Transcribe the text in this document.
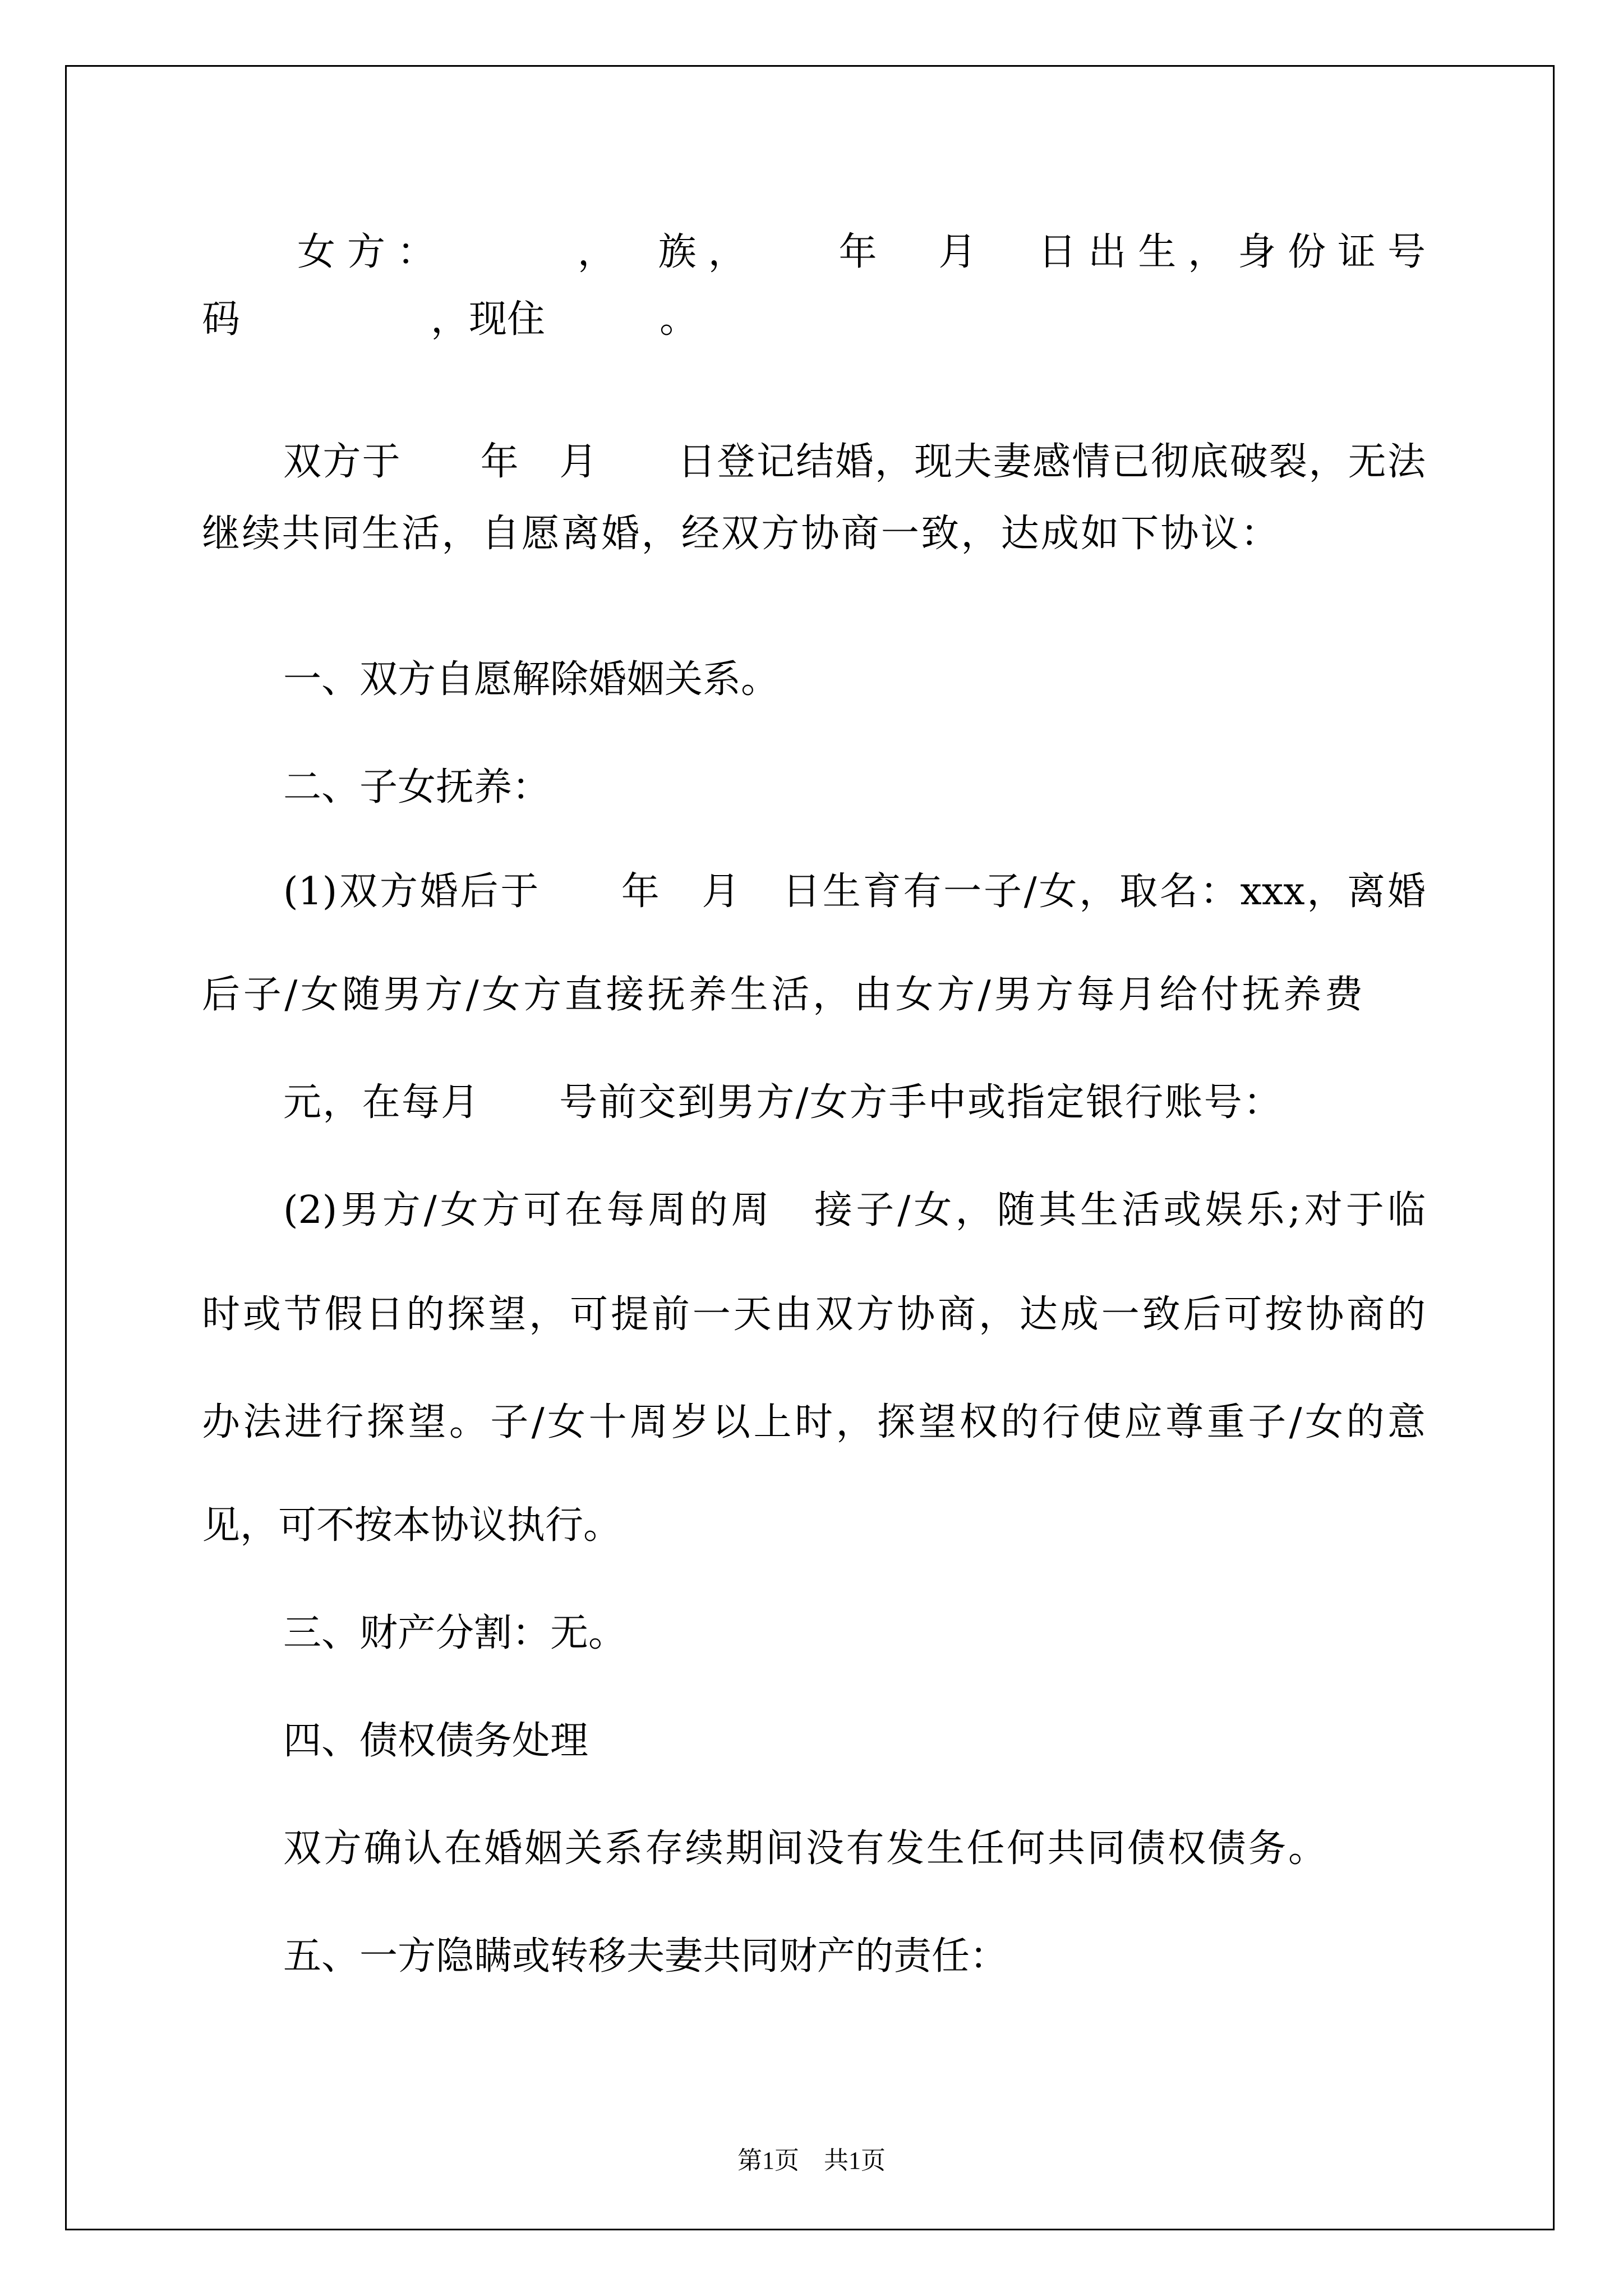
女方：　　　，　族，　　年　月　日出生，身份证号

码　　　　　，现住　　　。

双方于　　年　月　　日登记结婚，现夫妻感情已彻底破裂，无法

继续共同生活，自愿离婚，经双方协商一致，达成如下协议：

一、双方自愿解除婚姻关系。

二、子女抚养：

(1)双方婚后于　　年　月　日生育有一子/女，取名：xxx，离婚

后子/女随男方/女方直接抚养生活，由女方/男方每月给付抚养费

元，在每月　　号前交到男方/女方手中或指定银行账号：

(2)男方/女方可在每周的周　接子/女，随其生活或娱乐;对于临

时或节假日的探望，可提前一天由双方协商，达成一致后可按协商的

办法进行探望。子/女十周岁以上时，探望权的行使应尊重子/女的意

见，可不按本协议执行。

三、财产分割：无。

四、债权债务处理

双方确认在婚姻关系存续期间没有发生任何共同债权债务。

五、一方隐瞒或转移夫妻共同财产的责任：

第1页　共1页
